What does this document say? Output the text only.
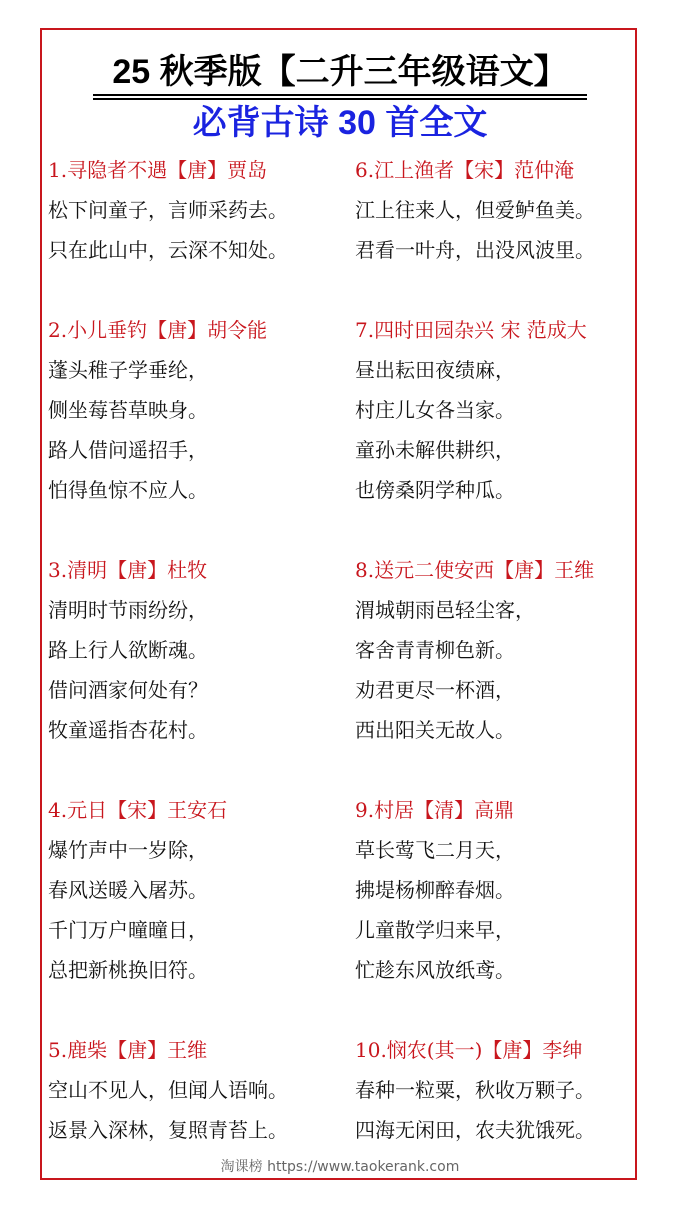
25 秋季版【二升三年级语文】
必背古诗 30 首全文
1.寻隐者不遇【唐】贾岛
松下问童子，言师采药去。
只在此山中，云深不知处。
2.小儿垂钓【唐】胡令能
蓬头稚子学垂纶，
侧坐莓苔草映身。
路人借问遥招手，
怕得鱼惊不应人。
3.清明【唐】杜牧
清明时节雨纷纷，
路上行人欲断魂。
借问酒家何处有？
牧童遥指杏花村。
4.元日【宋】王安石
爆竹声中一岁除，
春风送暖入屠苏。
千门万户曈曈日，
总把新桃换旧符。
5.鹿柴【唐】王维
空山不见人，但闻人语响。
返景入深林，复照青苔上。
6.江上渔者【宋】范仲淹
江上往来人，但爱鲈鱼美。
君看一叶舟，出没风波里。
7.四时田园杂兴 宋 范成大
昼出耘田夜绩麻，
村庄儿女各当家。
童孙未解供耕织，
也傍桑阴学种瓜。
8.送元二使安西【唐】王维
渭城朝雨邑轻尘客，
客舍青青柳色新。
劝君更尽一杯酒，
西出阳关无故人。
9.村居【清】高鼎
草长莺飞二月天，
拂堤杨柳醉春烟。
儿童散学归来早，
忙趁东风放纸鸢。
10.悯农(其一)【唐】李绅
春种一粒粟，秋收万颗子。
四海无闲田，农夫犹饿死。
淘课榜 https://www.taokerank.com
